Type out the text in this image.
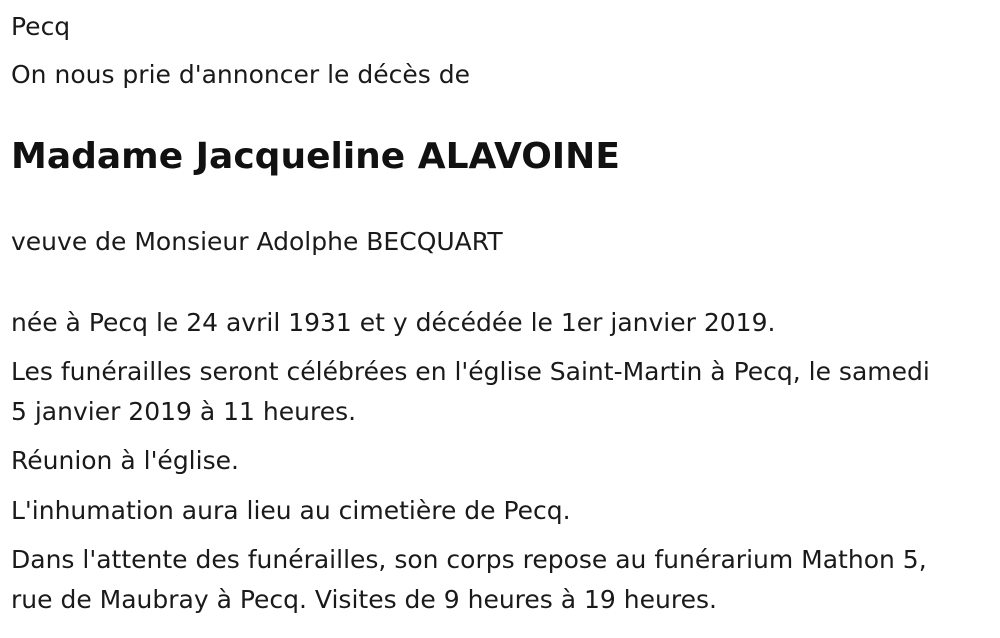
Pecq

On nous prie d'annoncer le décès de

Madame Jacqueline ALAVOINE

veuve de Monsieur Adolphe BECQUART

née à Pecq le 24 avril 1931 et y décédée le 1er janvier 2019.

Les funérailles seront célébrées en l'église Saint-Martin à Pecq, le samedi
5 janvier 2019 à 11 heures.

Réunion à l'église.

L'inhumation aura lieu au cimetière de Pecq.

Dans l'attente des funérailles, son corps repose au funérarium Mathon 5,
rue de Maubray à Pecq. Visites de 9 heures à 19 heures.
